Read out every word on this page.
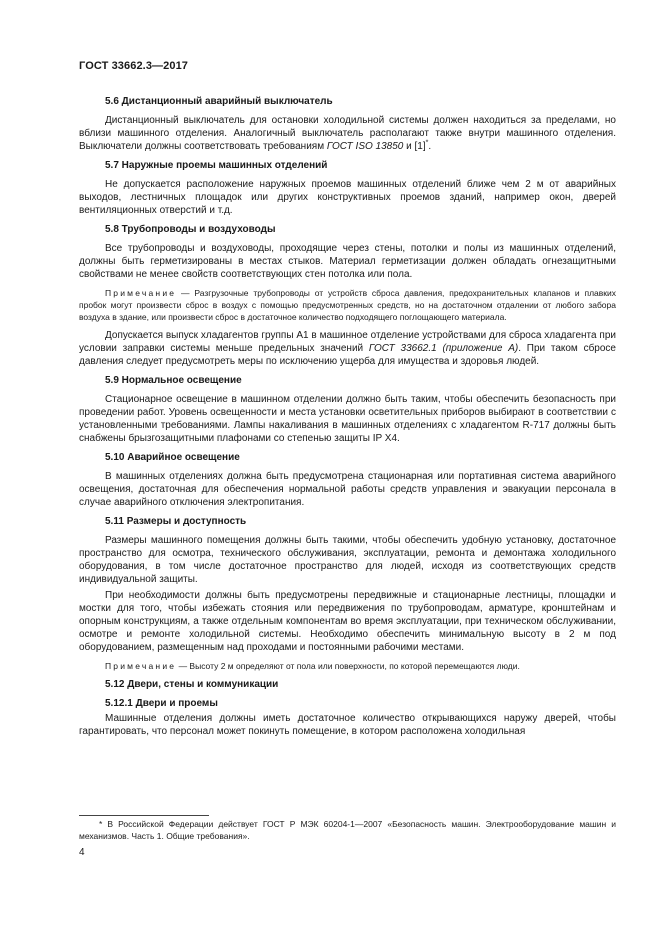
ГОСТ 33662.3—2017
5.6 Дистанционный аварийный выключатель
Дистанционный выключатель для остановки холодильной системы должен находиться за пределами, но вблизи машинного отделения. Аналогичный выключатель располагают также внутри машинного отделения. Выключатели должны соответствовать требованиям ГОСТ ISO 13850 и [1]*.
5.7 Наружные проемы машинных отделений
Не допускается расположение наружных проемов машинных отделений ближе чем 2 м от аварийных выходов, лестничных площадок или других конструктивных проемов зданий, например окон, дверей вентиляционных отверстий и т.д.
5.8 Трубопроводы и воздуховоды
Все трубопроводы и воздуховоды, проходящие через стены, потолки и полы из машинных отделений, должны быть герметизированы в местах стыков. Материал герметизации должен обладать огнезащитными свойствами не менее свойств соответствующих стен потолка или пола.
Примечание — Разгрузочные трубопроводы от устройств сброса давления, предохранительных клапанов и плавких пробок могут произвести сброс в воздух с помощью предусмотренных средств, но на достаточном отдалении от любого забора воздуха в здание, или произвести сброс в достаточное количество подходящего поглощающего материала.
Допускается выпуск хладагентов группы А1 в машинное отделение устройствами для сброса хладагента при условии заправки системы меньше предельных значений ГОСТ 33662.1 (приложение А). При таком сбросе давления следует предусмотреть меры по исключению ущерба для имущества и здоровья людей.
5.9 Нормальное освещение
Стационарное освещение в машинном отделении должно быть таким, чтобы обеспечить безопасность при проведении работ. Уровень освещенности и места установки осветительных приборов выбирают в соответствии с установленными требованиями. Лампы накаливания в машинных отделениях с хладагентом R-717 должны быть снабжены брызгозащитными плафонами со степенью защиты IP X4.
5.10 Аварийное освещение
В машинных отделениях должна быть предусмотрена стационарная или портативная система аварийного освещения, достаточная для обеспечения нормальной работы средств управления и эвакуации персонала в случае аварийного отключения электропитания.
5.11 Размеры и доступность
Размеры машинного помещения должны быть такими, чтобы обеспечить удобную установку, достаточное пространство для осмотра, технического обслуживания, эксплуатации, ремонта и демонтажа холодильного оборудования, в том числе достаточное пространство для людей, исходя из соответствующих средств индивидуальной защиты.
При необходимости должны быть предусмотрены передвижные и стационарные лестницы, площадки и мостки для того, чтобы избежать стояния или передвижения по трубопроводам, арматуре, кронштейнам и опорным конструкциям, а также отдельным компонентам во время эксплуатации, при техническом обслуживании, осмотре и ремонте холодильной системы. Необходимо обеспечить минимальную высоту в 2 м под оборудованием, размещенным над проходами и постоянными рабочими местами.
Примечание — Высоту 2 м определяют от пола или поверхности, по которой перемещаются люди.
5.12 Двери, стены и коммуникации
5.12.1 Двери и проемы
Машинные отделения должны иметь достаточное количество открывающихся наружу дверей, чтобы гарантировать, что персонал может покинуть помещение, в котором расположена холодильная
* В Российской Федерации действует ГОСТ Р МЭК 60204-1—2007 «Безопасность машин. Электрооборудование машин и механизмов. Часть 1. Общие требования».
4
